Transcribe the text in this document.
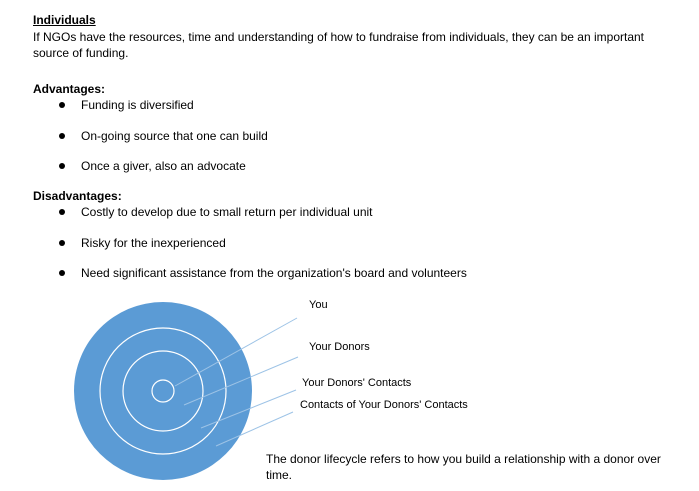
Individuals
If NGOs have the resources, time and understanding of how to fundraise from individuals, they can be an important
source of funding.
Advantages:
Funding is diversified
On-going source that one can build
Once a giver, also an advocate
Disadvantages:
Costly to develop due to small return per individual unit
Risky for the inexperienced
Need significant assistance from the organization's board and volunteers
You
Your Donors
Your Donors' Contacts
Contacts of Your Donors' Contacts
The donor lifecycle refers to how you build a relationship with a donor over
time.
